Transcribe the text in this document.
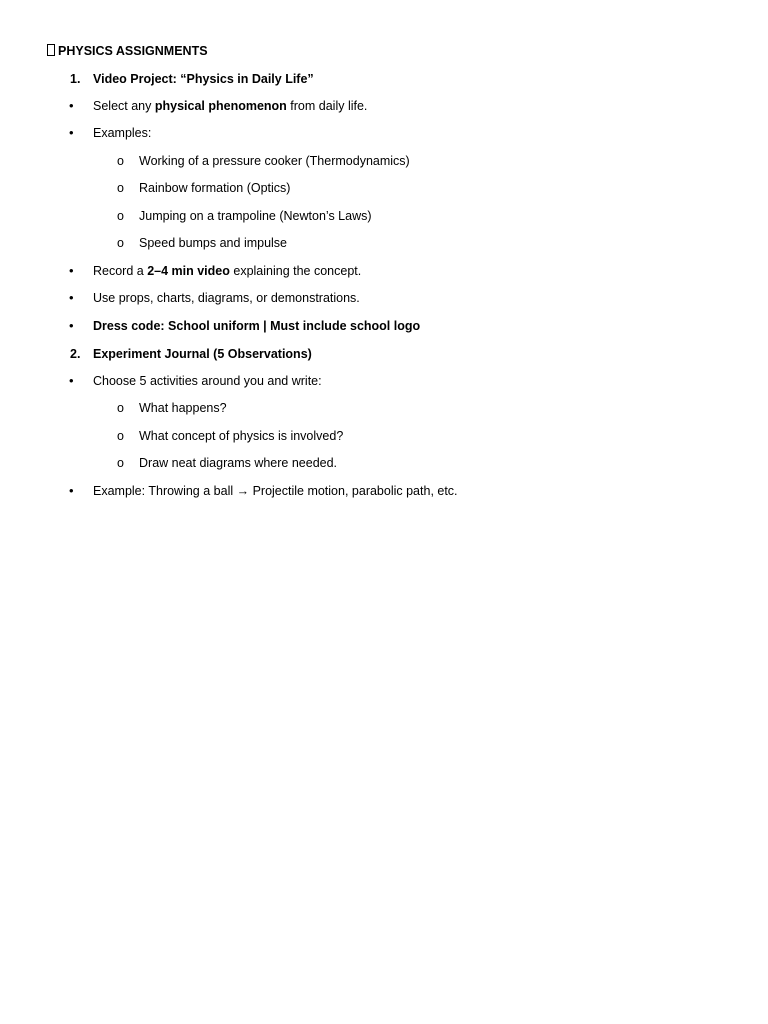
PHYSICS ASSIGNMENTS
1. Video Project: “Physics in Daily Life”
• Select any physical phenomenon from daily life.
• Examples:
o Working of a pressure cooker (Thermodynamics)
o Rainbow formation (Optics)
o Jumping on a trampoline (Newton’s Laws)
o Speed bumps and impulse
• Record a 2–4 min video explaining the concept.
• Use props, charts, diagrams, or demonstrations.
• Dress code: School uniform | Must include school logo
2. Experiment Journal (5 Observations)
• Choose 5 activities around you and write:
o What happens?
o What concept of physics is involved?
o Draw neat diagrams where needed.
• Example: Throwing a ball → Projectile motion, parabolic path, etc.
